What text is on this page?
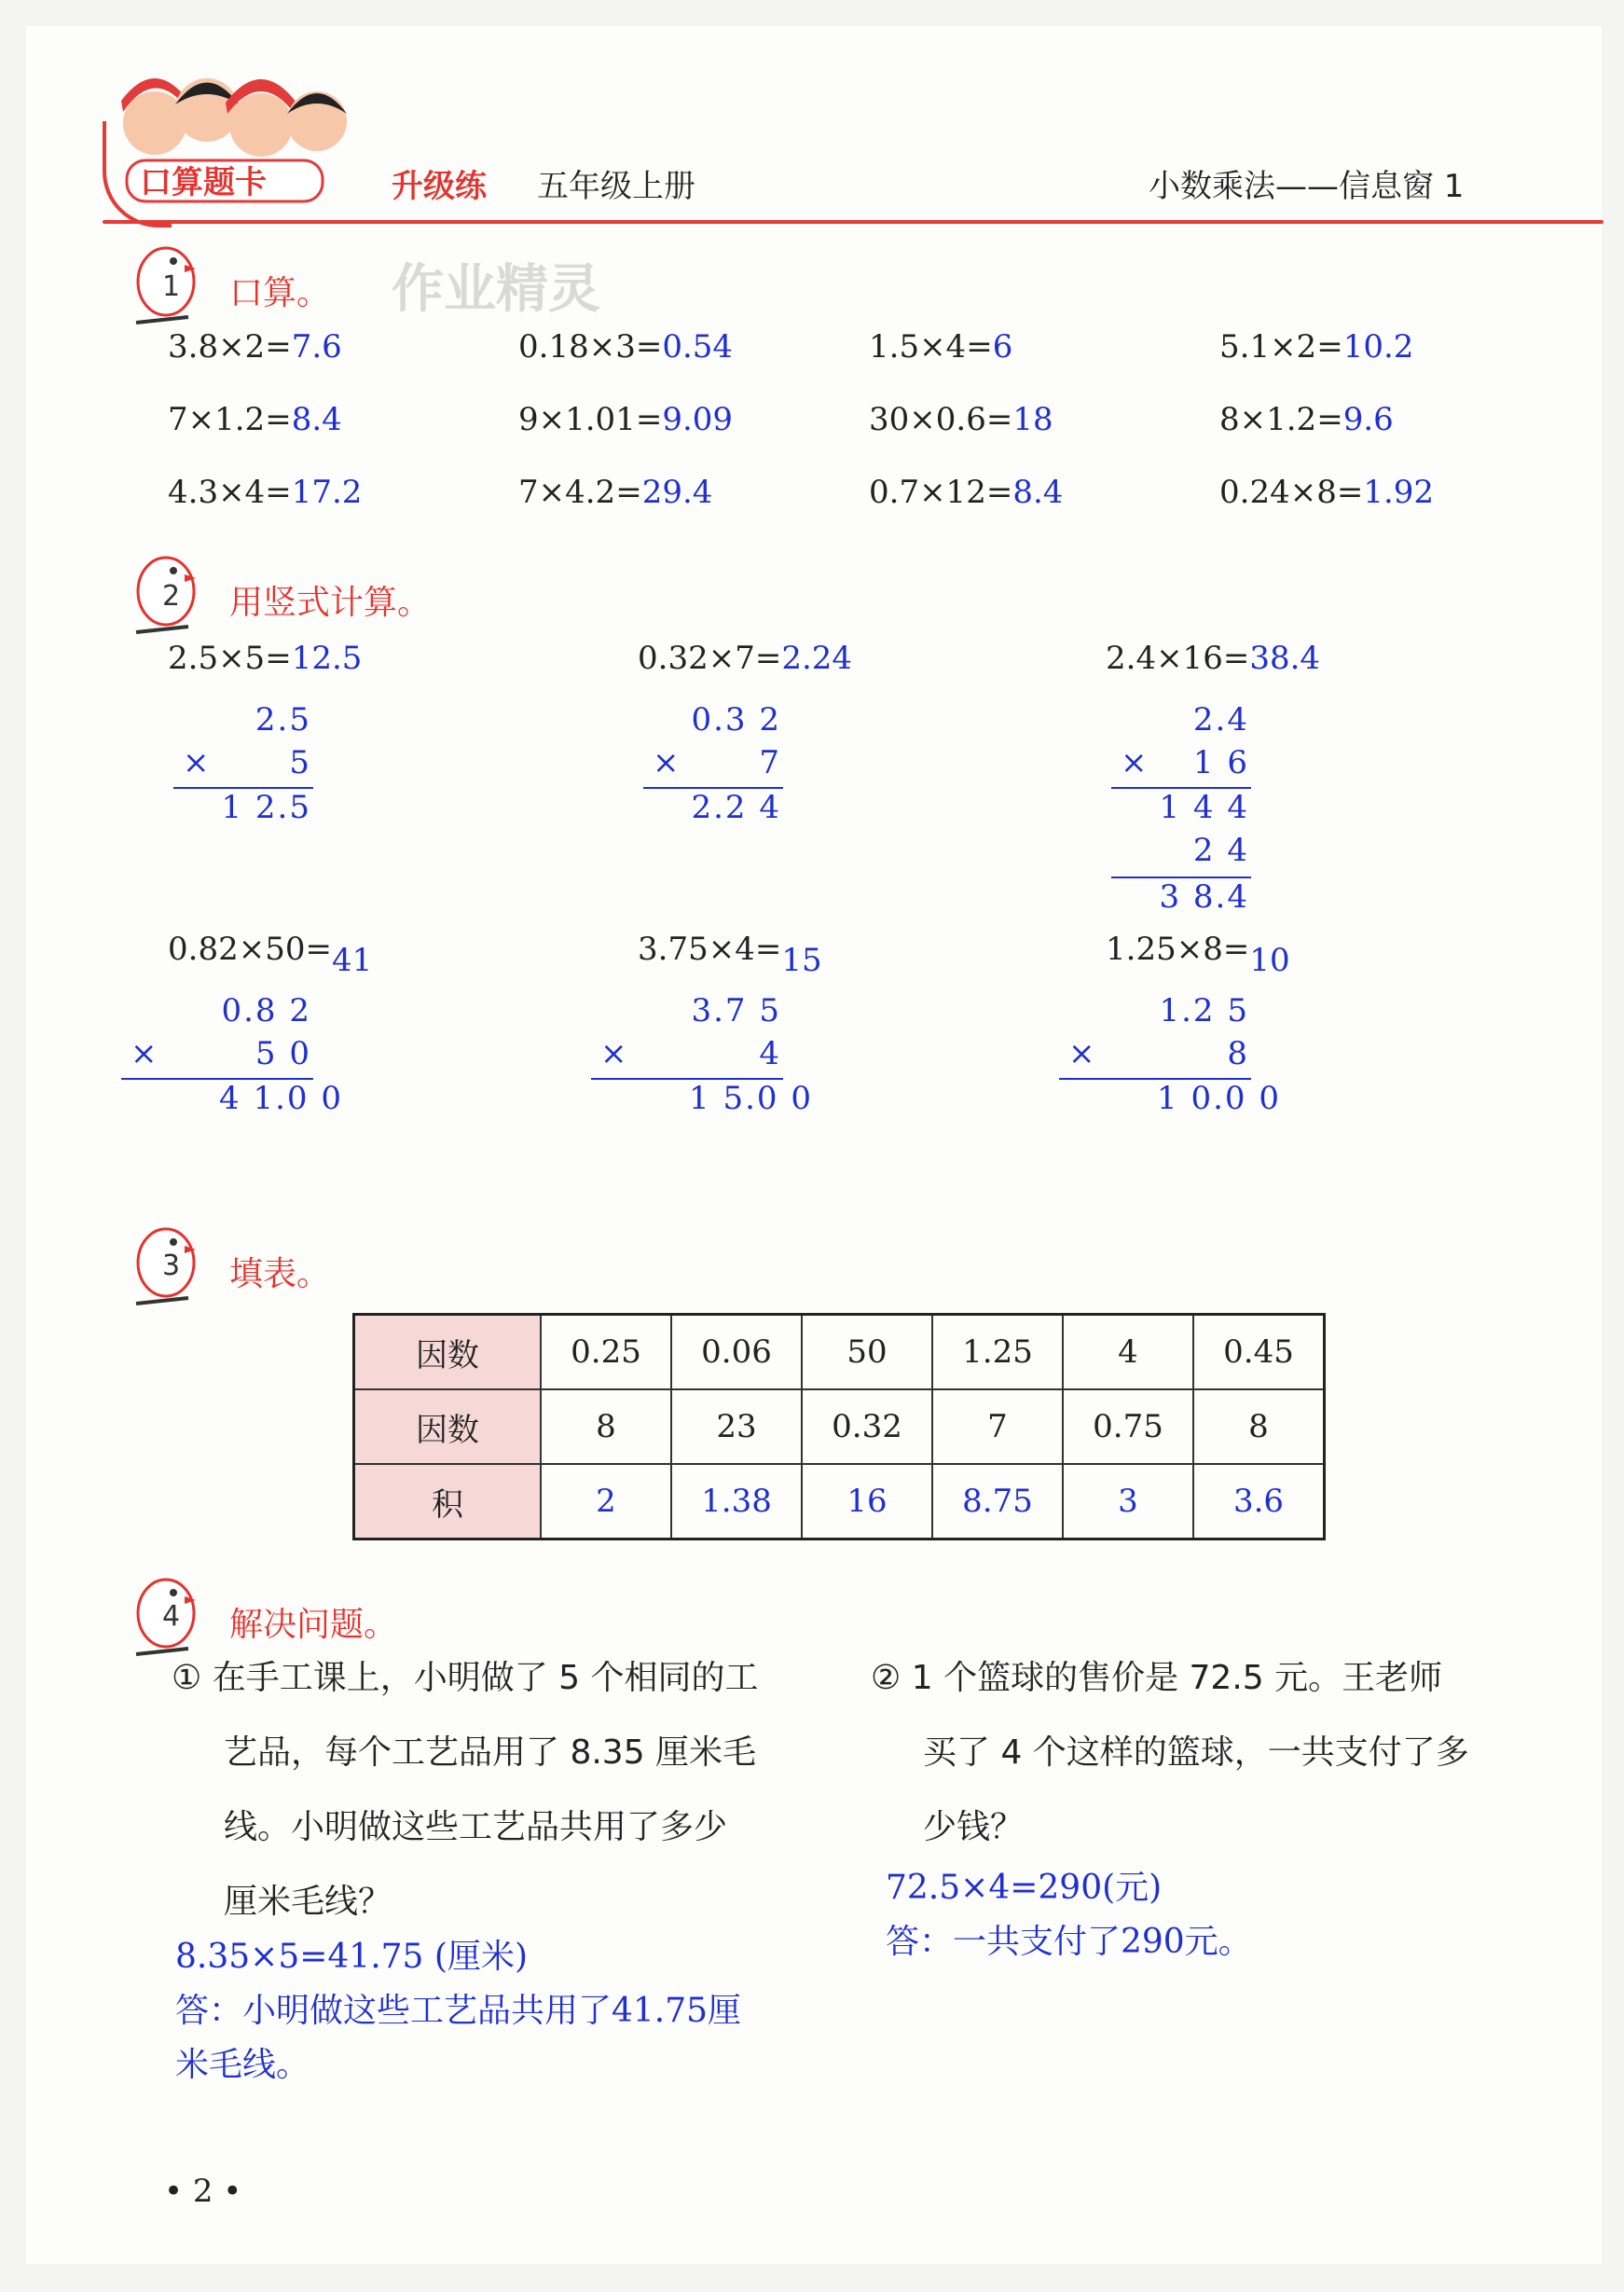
口算题卡	升级练 五年级上册	小数乘法——信息窗 1
1 口算。 作业精灵
3.8×2=7.6	0.18×3=0.54	1.5×4=6	5.1×2=10.2
7×1.2=8.4	9×1.01=9.09	30×0.6=18	8×1.2=9.6
4.3×4=17.2	7×4.2=29.4	0.7×12=8.4	0.24×8=1.92
2 用竖式计算。
2.5×5=12.5
2.5
5
×
1 2.5
0.32×7=2.24
0.3 2
7
×
2.2 4
2.4×16=38.4
2.4
1 6
×
1 4 4
2 4
3 8.4
0.82×50=41
0.8 2
5 0
×
4 1.0 0
3.75×4=15
3.7 5
4
×
1 5.0 0
1.25×8=10
1.2 5
8
×
1 0.0 0
3 填表。
因数	0.25	0.06	50	1.25	4	0.45
因数	8	23	0.32	7	0.75	8
积	2	1.38	16	8.75	3	3.6
4 解决问题。
① 在手工课上，小明做了 5 个相同的工
艺品，每个工艺品用了 8.35 厘米毛
线。小明做这些工艺品共用了多少
厘米毛线？
8.35×5=41.75 (厘米)
答：小明做这些工艺品共用了41.75厘
米毛线。
② 1 个篮球的售价是 72.5 元。王老师
买了 4 个这样的篮球，一共支付了多
少钱？
72.5×4=290(元)
答：一共支付了290元。
• 2 •
